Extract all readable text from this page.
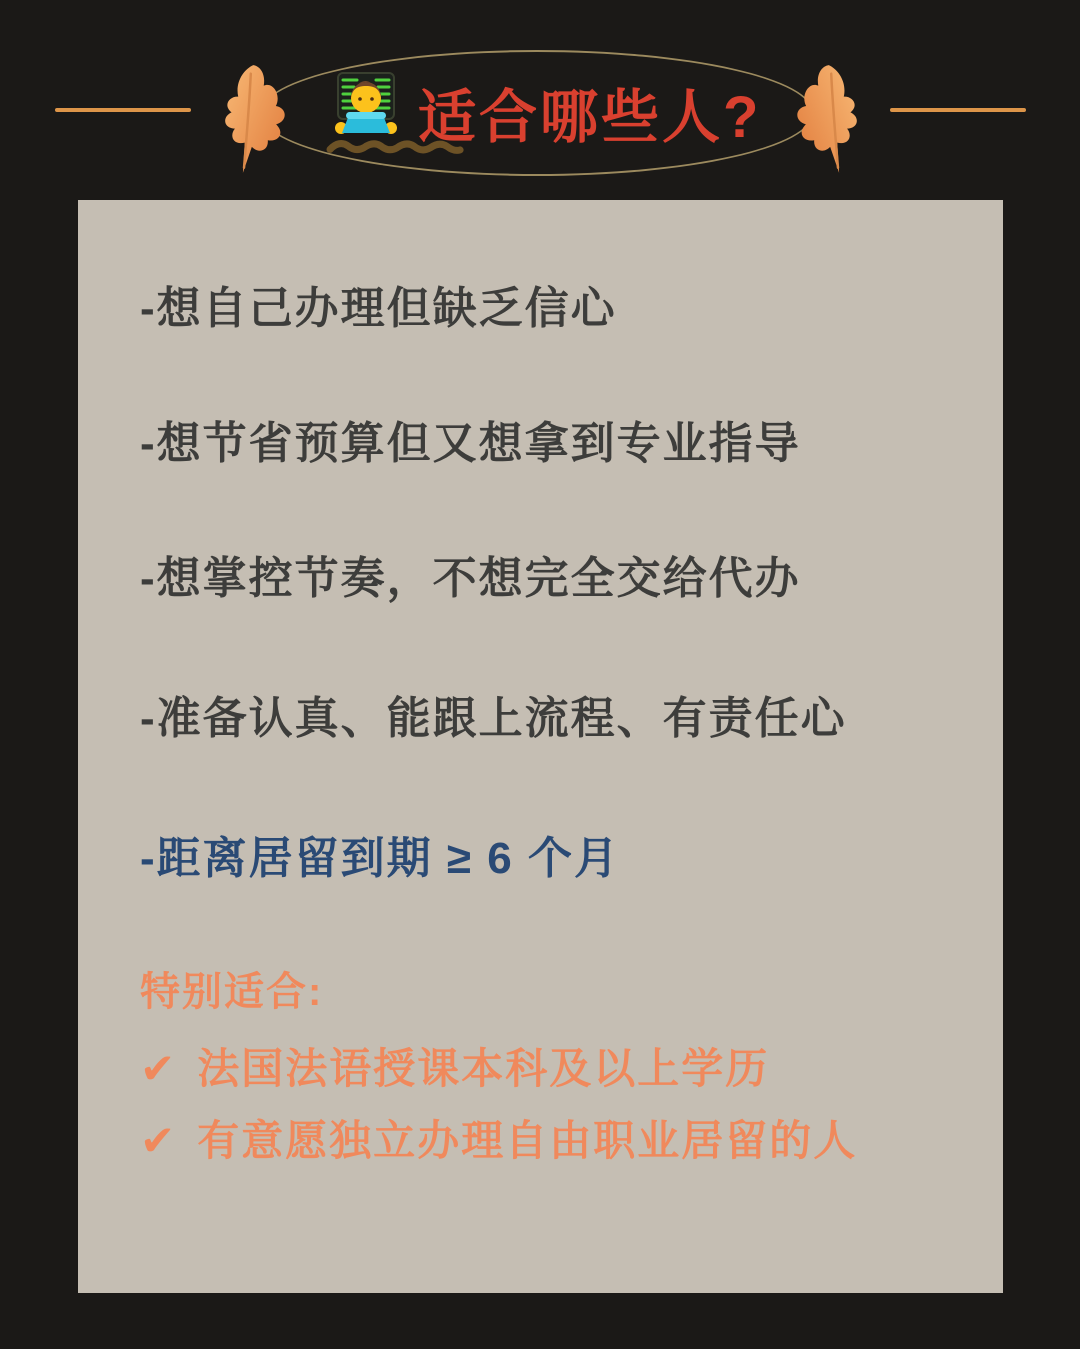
适合哪些人?
-想自己办理但缺乏信心
-想节省预算但又想拿到专业指导
-想掌控节奏，不想完全交给代办
-准备认真、能跟上流程、有责任心
-距离居留到期 ≥ 6 个月
特别适合:
✔ 法国法语授课本科及以上学历
✔ 有意愿独立办理自由职业居留的人
